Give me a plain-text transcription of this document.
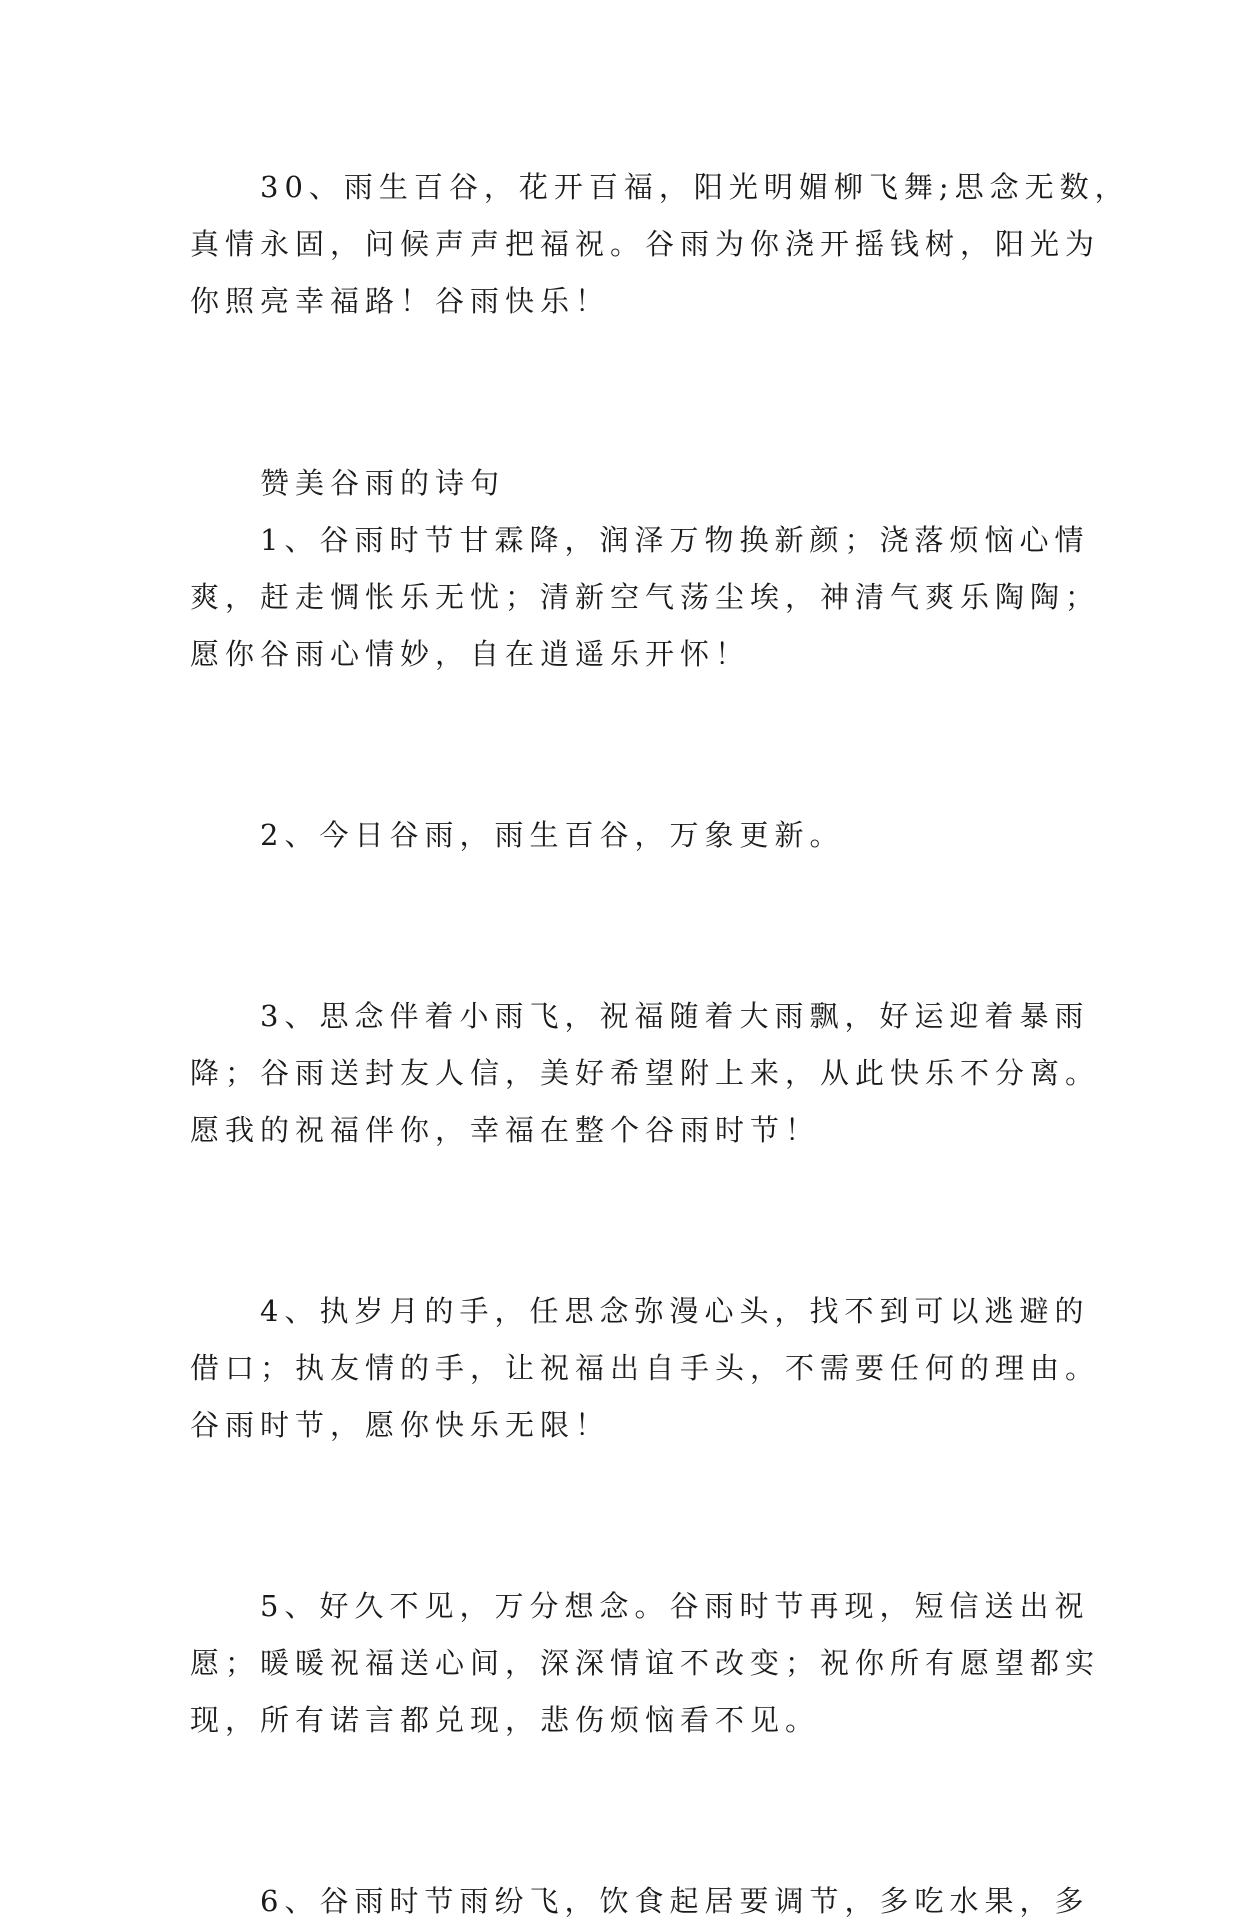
　　30、雨生百谷，花开百福，阳光明媚柳飞舞;思念无数，

真情永固，问候声声把福祝。谷雨为你浇开摇钱树，阳光为

你照亮幸福路！谷雨快乐！

　　赞美谷雨的诗句

　　1、谷雨时节甘霖降，润泽万物换新颜；浇落烦恼心情

爽，赶走惆怅乐无忧；清新空气荡尘埃，神清气爽乐陶陶；

愿你谷雨心情妙，自在逍遥乐开怀！

　　2、今日谷雨，雨生百谷，万象更新。

　　3、思念伴着小雨飞，祝福随着大雨飘，好运迎着暴雨

降；谷雨送封友人信，美好希望附上来，从此快乐不分离。

愿我的祝福伴你，幸福在整个谷雨时节！

　　4、执岁月的手，任思念弥漫心头，找不到可以逃避的

借口；执友情的手，让祝福出自手头，不需要任何的理由。

谷雨时节，愿你快乐无限！

　　5、好久不见，万分想念。谷雨时节再现，短信送出祝

愿；暖暖祝福送心间，深深情谊不改变；祝你所有愿望都实

现，所有诺言都兑现，悲伤烦恼看不见。

　　6、谷雨时节雨纷飞，饮食起居要调节，多吃水果，多
